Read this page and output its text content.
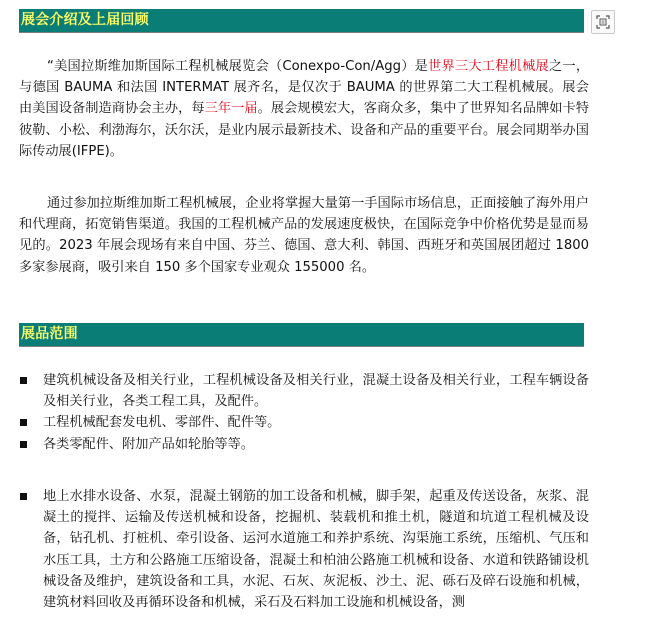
展会介绍及上届回顾

“美国拉斯维加斯国际工程机械展览会（Conexpo-Con/Agg）是世界三大工程机械展之一，与德国 BAUMA 和法国 INTERMAT 展齐名，是仅次于 BAUMA 的世界第二大工程机械展。展会由美国设备制造商协会主办，每三年一届。展会规模宏大，客商众多，集中了世界知名品牌如卡特彼勒、小松、利渤海尔，沃尔沃，是业内展示最新技术、设备和产品的重要平台。展会同期举办国际传动展(IFPE)。

通过参加拉斯维加斯工程机械展，企业将掌握大量第一手国际市场信息，正面接触了海外用户和代理商，拓宽销售渠道。我国的工程机械产品的发展速度极快，在国际竞争中价格优势是显而易见的。2023 年展会现场有来自中国、芬兰、德国、意大利、韩国、西班牙和英国展团超过 1800 多家参展商，吸引来自 150 多个国家专业观众 155000 名。

展品范围
建筑机械设备及相关行业，工程机械设备及相关行业，混凝土设备及相关行业，工程车辆设备及相关行业，各类工程工具，及配件。
工程机械配套发电机、零部件、配件等。
各类零配件、附加产品如轮胎等等。
地上水排水设备、水泵，混凝土钢筋的加工设备和机械，脚手架，起重及传送设备，灰浆、混凝土的搅拌、运输及传送机械和设备，挖掘机、装载机和推土机，隧道和坑道工程机械及设备，钻孔机、打桩机、牵引设备、运河水道施工和养护系统、沟渠施工系统，压缩机、气压和水压工具，土方和公路施工压缩设备，混凝土和柏油公路施工机械和设备、水道和铁路铺设机械设备及维护，建筑设备和工具，水泥、石灰、灰泥板、沙土、泥、砾石及碎石设施和机械，建筑材料回收及再循环设备和机械，采石及石料加工设施和机械设备，测
